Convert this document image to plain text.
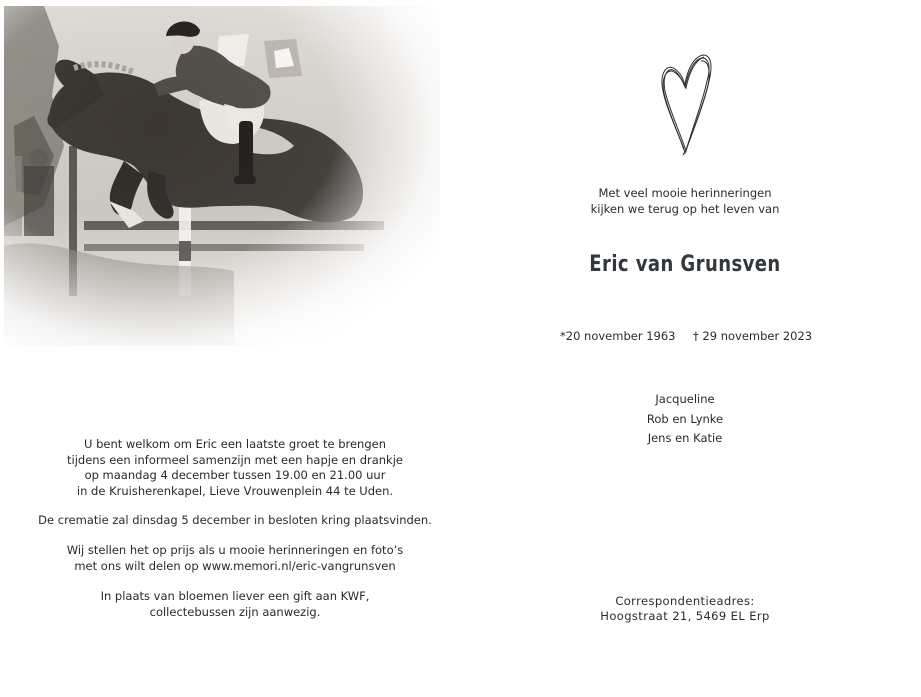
U bent welkom om Eric een laatste groet te brengen

tijdens een informeel samenzijn met een hapje en drankje

op maandag 4 december tussen 19.00 en 21.00 uur

in de Kruisherenkapel, Lieve Vrouwenplein 44 te Uden.

De crematie zal dinsdag 5 december in besloten kring plaatsvinden.

Wij stellen het op prijs als u mooie herinneringen en foto’s

met ons wilt delen op www.memori.nl/eric-vangrunsven

In plaats van bloemen liever een gift aan KWF,

collectebussen zijn aanwezig.

Met veel mooie herinneringen
kijken we terug op het leven van
Eric van Grunsven
*20 november 1963 † 29 november 2023
Jacqueline
Rob en Lynke
Jens en Katie
Correspondentieadres:
Hoogstraat 21, 5469 EL Erp
